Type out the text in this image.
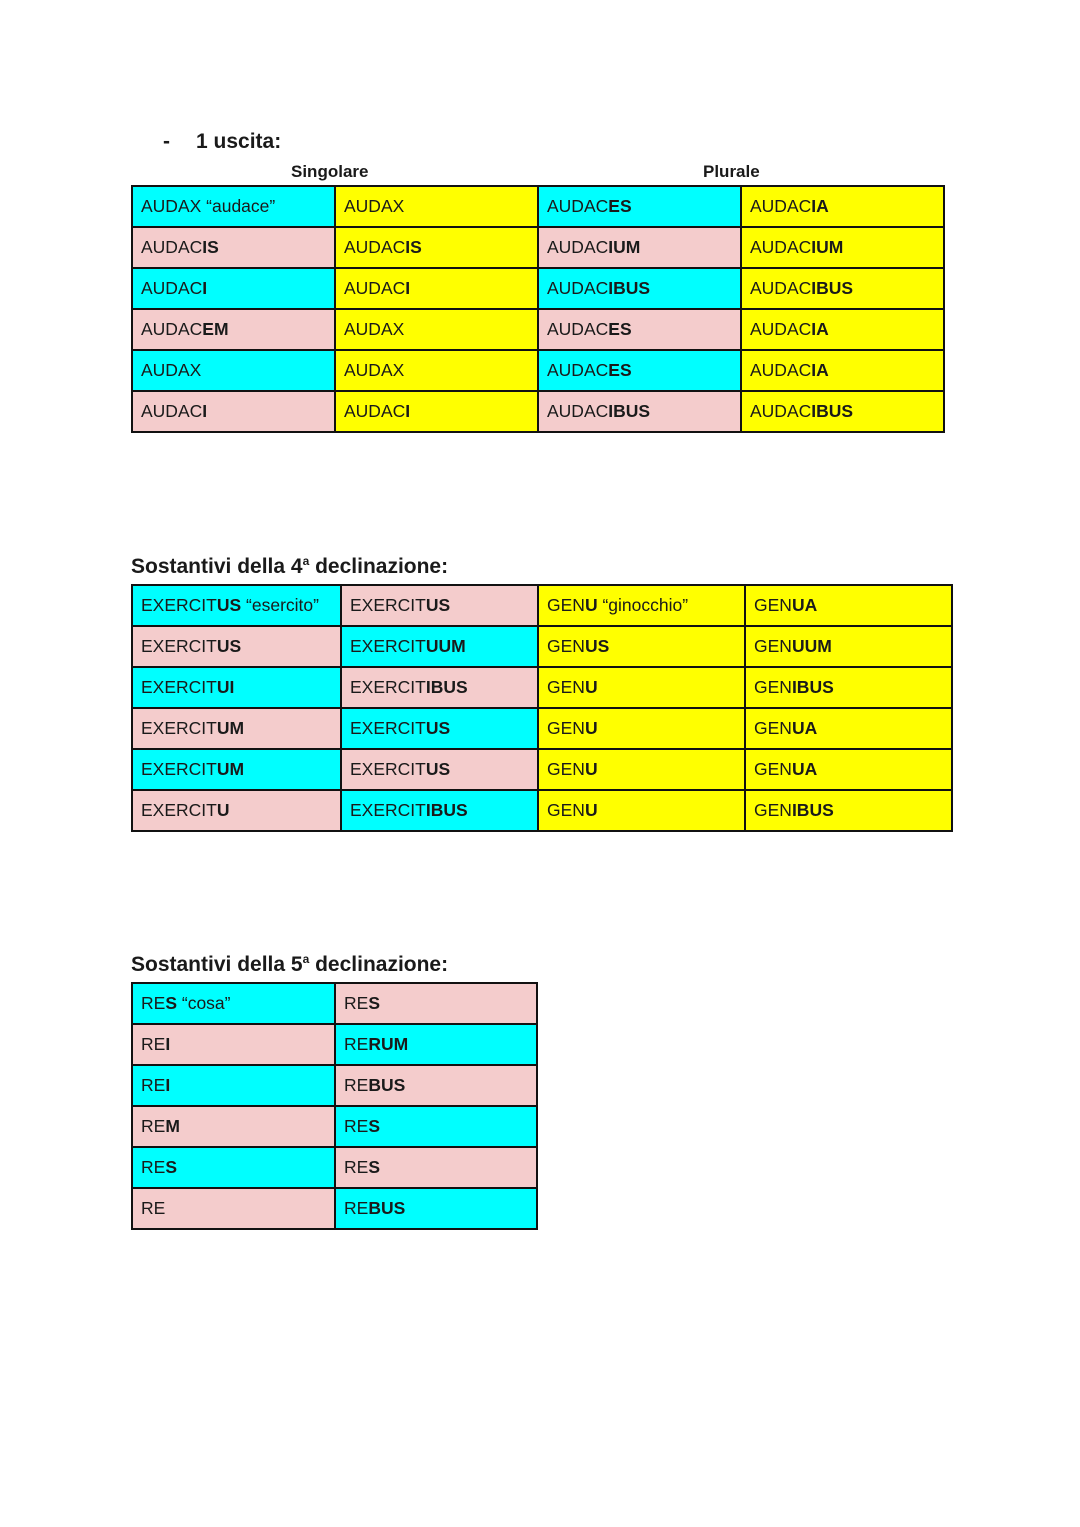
- 1 uscita:
Singolare	Plurale
AUDAX “audace”	AUDAX	AUDACES	AUDACIA
AUDACIS	AUDACIS	AUDACIUM	AUDACIUM
AUDACI	AUDACI	AUDACIBUS	AUDACIBUS
AUDACEM	AUDAX	AUDACES	AUDACIA
AUDAX	AUDAX	AUDACES	AUDACIA
AUDACI	AUDACI	AUDACIBUS	AUDACIBUS
Sostantivi della 4$^a$ declinazione:
EXERCITUS “esercito”	EXERCITUS	GENU “ginocchio”	GENUA
EXERCITUS	EXERCITUUM	GENUS	GENUUM
EXERCITUI	EXERCITIBUS	GENU	GENIBUS
EXERCITUM	EXERCITUS	GENU	GENUA
EXERCITUM	EXERCITUS	GENU	GENUA
EXERCITU	EXERCITIBUS	GENU	GENIBUS
Sostantivi della 5$^a$ declinazione:
RES “cosa”	RES
REI	RERUM
REI	REBUS
REM	RES
RES	RES
RE	REBUS
